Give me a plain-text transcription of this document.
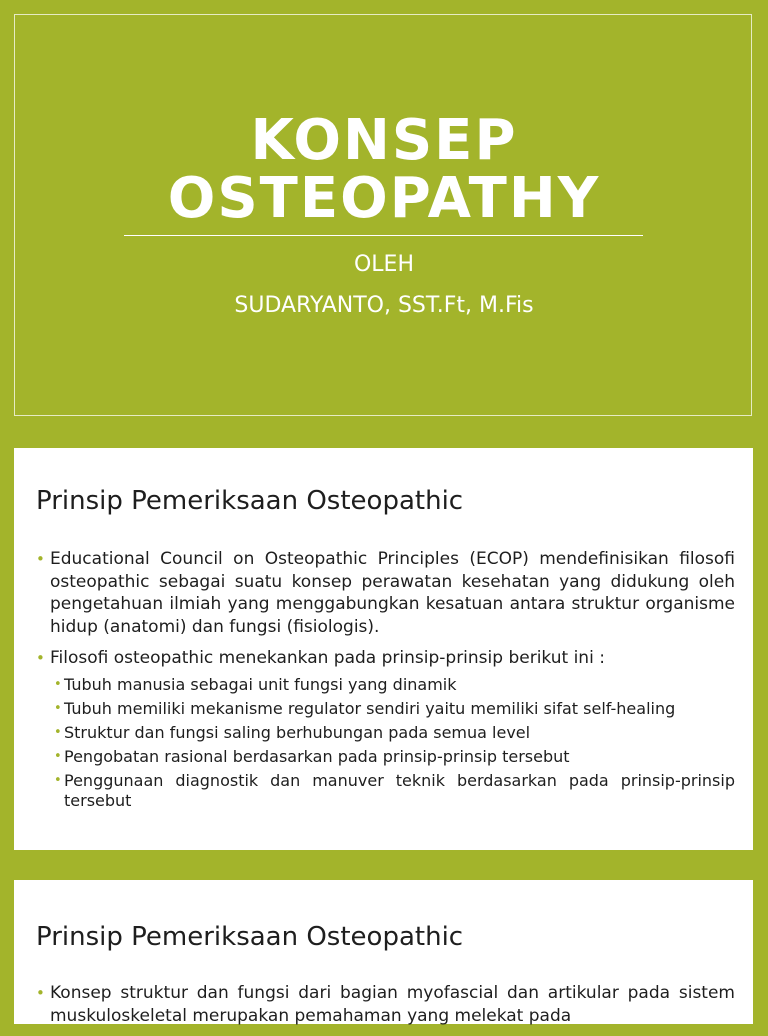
KONSEP
OSTEOPATHY
OLEH
SUDARYANTO, SST.Ft, M.Fis
Prinsip Pemeriksaan Osteopathic
• Educational Council on Osteopathic Principles (ECOP) mendefinisikan filosofi osteopathic sebagai suatu konsep perawatan kesehatan yang didukung oleh pengetahuan ilmiah yang menggabungkan kesatuan antara struktur organisme hidup (anatomi) dan fungsi (fisiologis).
• Filosofi osteopathic menekankan pada prinsip-prinsip berikut ini :
• Tubuh manusia sebagai unit fungsi yang dinamik
• Tubuh memiliki mekanisme regulator sendiri yaitu memiliki sifat self-healing
• Struktur dan fungsi saling berhubungan pada semua level
• Pengobatan rasional berdasarkan pada prinsip-prinsip tersebut
• Penggunaan diagnostik dan manuver teknik berdasarkan pada prinsip-prinsip tersebut
Prinsip Pemeriksaan Osteopathic
• Konsep struktur dan fungsi dari bagian myofascial dan artikular pada sistem muskuloskeletal merupakan pemahaman yang melekat pada
